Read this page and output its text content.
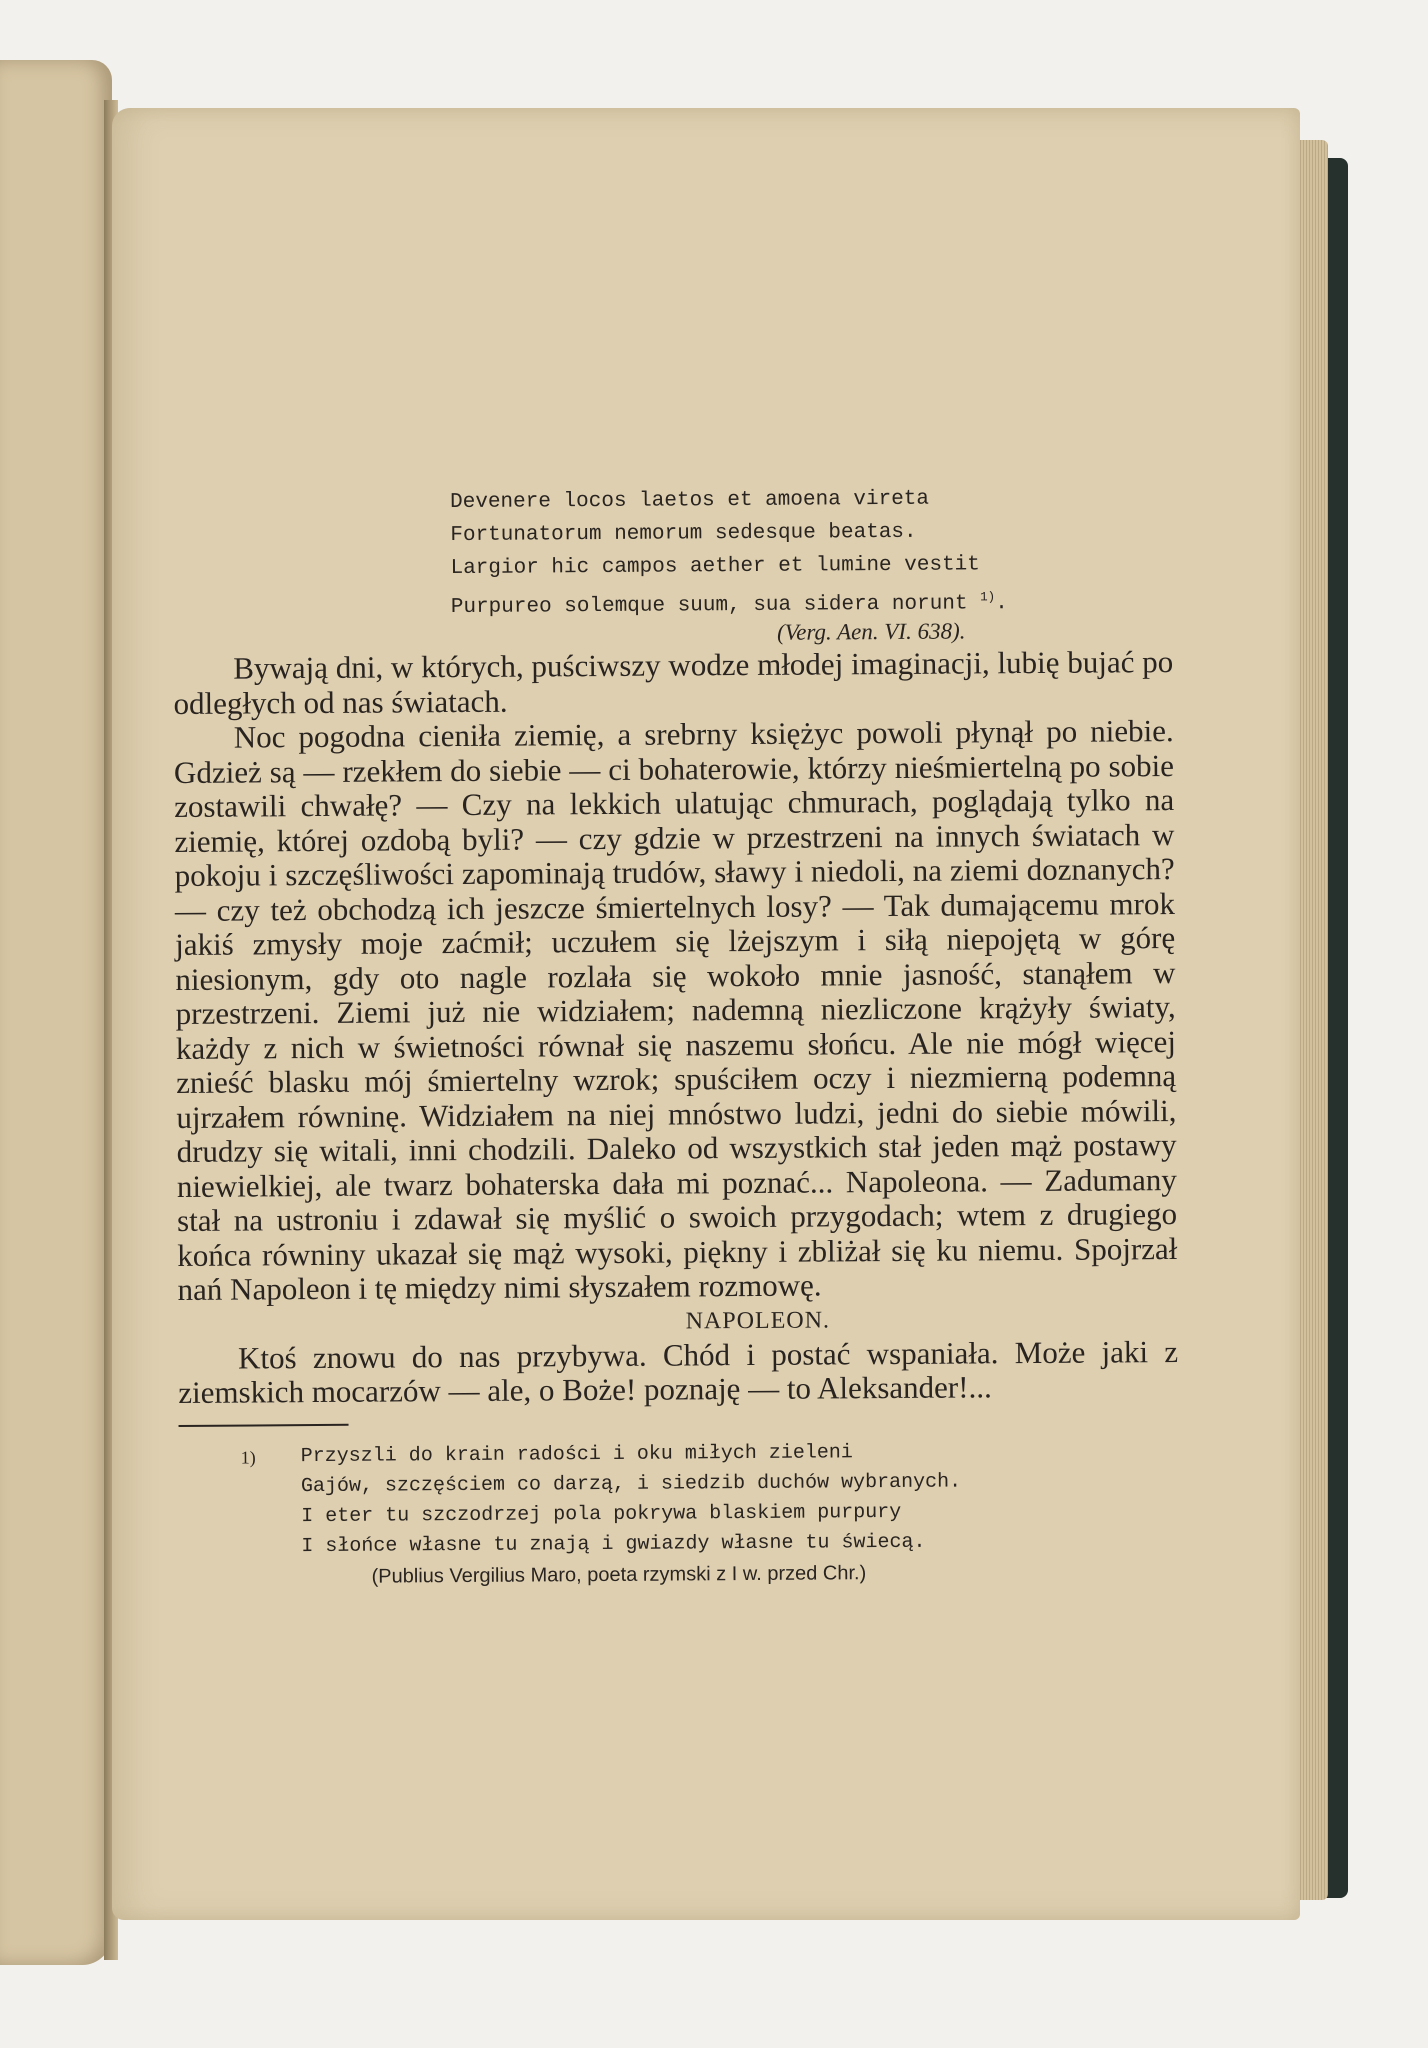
Devenere locos laetos et amoena vireta
Fortunatorum nemorum sedesque beatas.
Largior hic campos aether et lumine vestit
Purpureo solemque suum, sua sidera norunt $^{1)}$.
(Verg. Aen. VI. 638).

Bywają dni, w których, puściwszy wodze młodej imaginacji, lubię bujać po odległych od nas światach.

Noc pogodna cieniła ziemię, a srebrny księżyc powoli płynął po niebie. Gdzież są — rzekłem do siebie — ci bohaterowie, którzy nieśmiertelną po sobie zostawili chwałę? — Czy na lekkich ulatując chmurach, poglądają tylko na ziemię, której ozdobą byli? — czy gdzie w przestrzeni na innych światach w pokoju i szczęśliwości zapominają trudów, sławy i niedoli, na ziemi doznanych? — czy też obchodzą ich jeszcze śmiertelnych losy? — Tak dumającemu mrok jakiś zmysły moje zaćmił; uczułem się lżejszym i siłą niepojętą w górę niesionym, gdy oto nagle rozlała się wokoło mnie jasność, stanąłem w przestrzeni. Ziemi już nie widziałem; nademną niezliczone krążyły światy, każdy z nich w świetności równał się naszemu słońcu. Ale nie mógł więcej znieść blasku mój śmiertelny wzrok; spuściłem oczy i niezmierną podemną ujrzałem równinę. Widziałem na niej mnóstwo ludzi, jedni do siebie mówili, drudzy się witali, inni chodzili. Daleko od wszystkich stał jeden mąż postawy niewielkiej, ale twarz bohaterska dała mi poznać... Napoleona. — Zadumany stał na ustroniu i zdawał się myślić o swoich przygodach; wtem z drugiego końca równiny ukazał się mąż wysoki, piękny i zbliżał się ku niemu. Spojrzał nań Napoleon i tę między nimi słyszałem rozmowę.

NAPOLEON.

Ktoś znowu do nas przybywa. Chód i postać wspaniała. Może jaki z ziemskich mocarzów — ale, o Boże! poznaję — to Aleksander!...

1) Przyszli do krain radości i oku miłych zieleni
Gajów, szczęściem co darzą, i siedzib duchów wybranych.
I eter tu szczodrzej pola pokrywa blaskiem purpury
I słońce własne tu znają i gwiazdy własne tu świecą.
(Publius Vergilius Maro, poeta rzymski z I w. przed Chr.)
